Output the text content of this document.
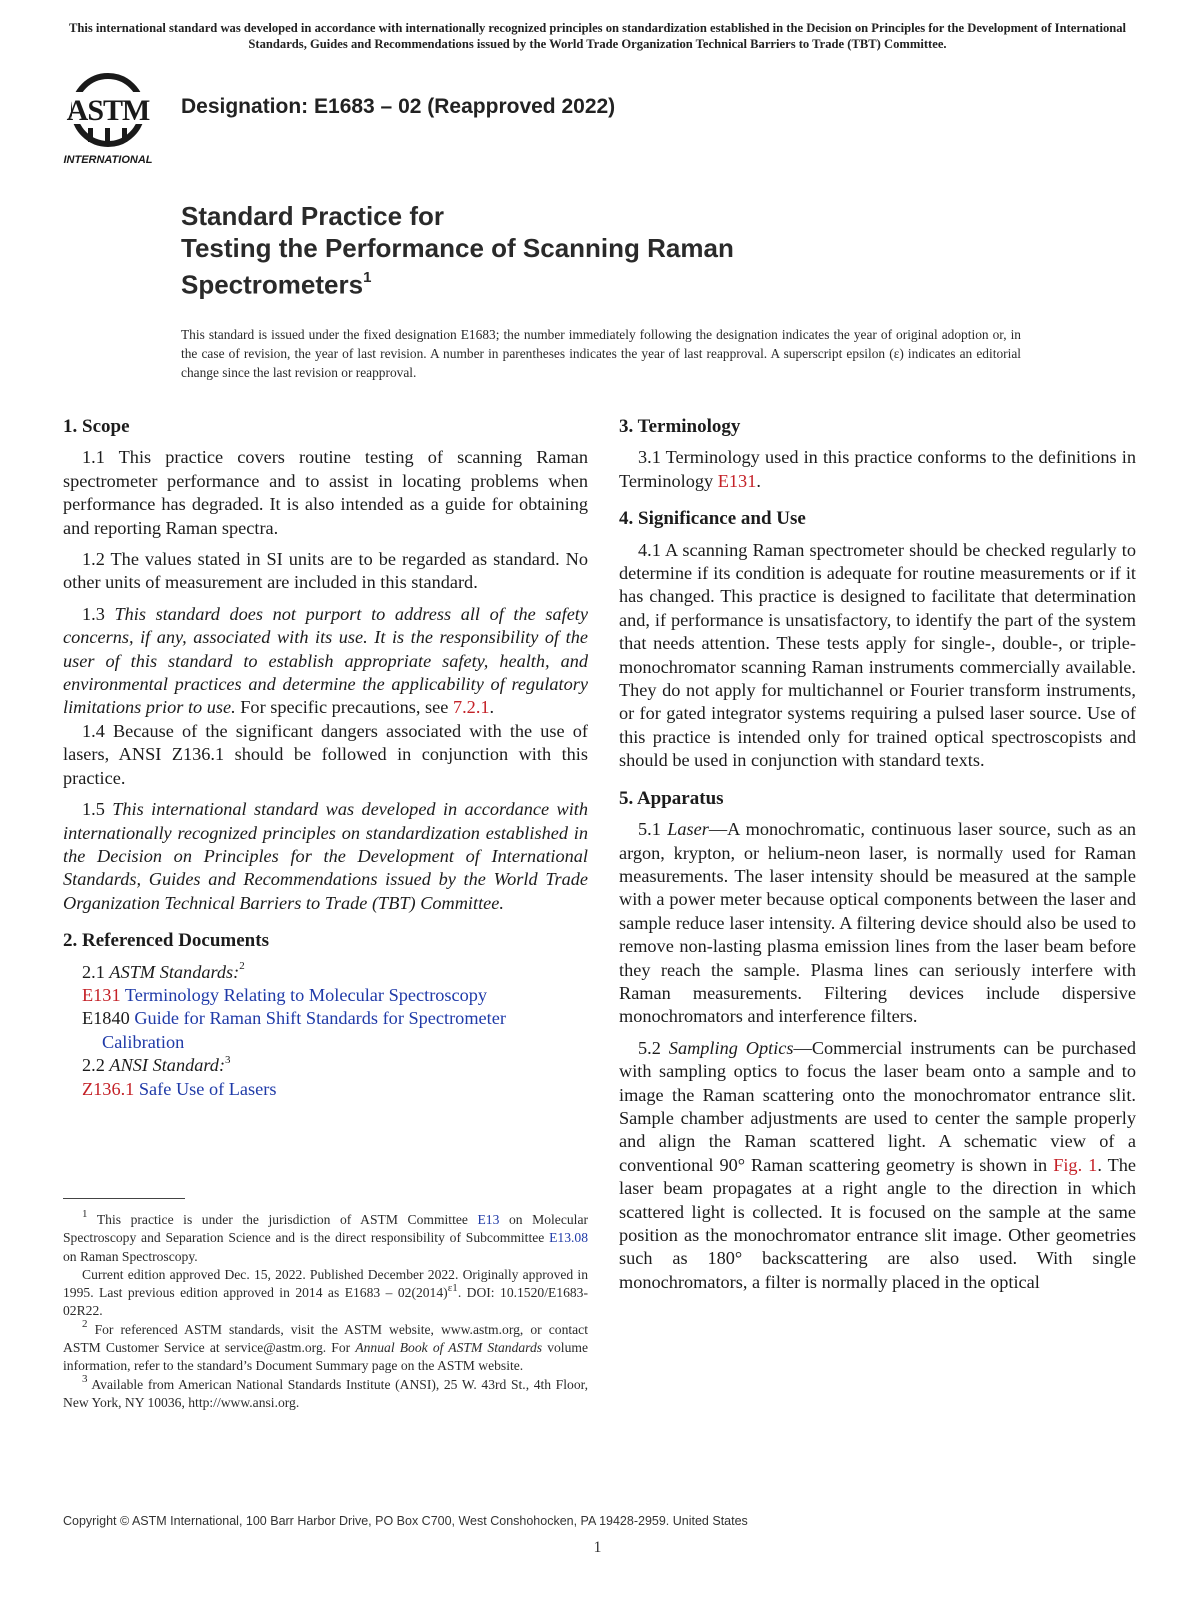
This international standard was developed in accordance with internationally recognized principles on standardization established in the Decision on Principles for the Development of International Standards, Guides and Recommendations issued by the World Trade Organization Technical Barriers to Trade (TBT) Committee.
ASTM
INTERNATIONAL
Designation: E1683 – 02 (Reapproved 2022)
Standard Practice for
Testing the Performance of Scanning Raman
Spectrometers$^1$
This standard is issued under the fixed designation E1683; the number immediately following the designation indicates the year of original adoption or, in the case of revision, the year of last revision. A number in parentheses indicates the year of last reapproval. A superscript epsilon (ε) indicates an editorial change since the last revision or reapproval.
1. Scope

1.1 This practice covers routine testing of scanning Raman spectrometer performance and to assist in locating problems when performance has degraded. It is also intended as a guide for obtaining and reporting Raman spectra.

1.2 The values stated in SI units are to be regarded as standard. No other units of measurement are included in this standard.

1.3 This standard does not purport to address all of the safety concerns, if any, associated with its use. It is the responsibility of the user of this standard to establish appropriate safety, health, and environmental practices and determine the applicability of regulatory limitations prior to use. For specific precautions, see 7.2.1.

1.4 Because of the significant dangers associated with the use of lasers, ANSI Z136.1 should be followed in conjunction with this practice.

1.5 This international standard was developed in accordance with internationally recognized principles on standardization established in the Decision on Principles for the Development of International Standards, Guides and Recommendations issued by the World Trade Organization Technical Barriers to Trade (TBT) Committee.

2. Referenced Documents
2.1 ASTM Standards:$^2$
E131 Terminology Relating to Molecular Spectroscopy
E1840 Guide for Raman Shift Standards for Spectrometer Calibration
2.2 ANSI Standard:$^3$
Z136.1 Safe Use of Lasers

$^1$ This practice is under the jurisdiction of ASTM Committee E13 on Molecular Spectroscopy and Separation Science and is the direct responsibility of Subcommittee E13.08 on Raman Spectroscopy.

Current edition approved Dec. 15, 2022. Published December 2022. Originally approved in 1995. Last previous edition approved in 2014 as E1683 – 02(2014)$^{\varepsilon 1}$. DOI: 10.1520/E1683-02R22.

$^2$ For referenced ASTM standards, visit the ASTM website, www.astm.org, or contact ASTM Customer Service at service@astm.org. For Annual Book of ASTM Standards volume information, refer to the standard’s Document Summary page on the ASTM website.

$^3$ Available from American National Standards Institute (ANSI), 25 W. 43rd St., 4th Floor, New York, NY 10036, http://www.ansi.org.

3. Terminology

3.1 Terminology used in this practice conforms to the definitions in Terminology E131.

4. Significance and Use

4.1 A scanning Raman spectrometer should be checked regularly to determine if its condition is adequate for routine measurements or if it has changed. This practice is designed to facilitate that determination and, if performance is unsatisfactory, to identify the part of the system that needs attention. These tests apply for single-, double-, or triple-monochromator scanning Raman instruments commercially available. They do not apply for multichannel or Fourier transform instruments, or for gated integrator systems requiring a pulsed laser source. Use of this practice is intended only for trained optical spectroscopists and should be used in conjunction with standard texts.

5. Apparatus

5.1 Laser—A monochromatic, continuous laser source, such as an argon, krypton, or helium-neon laser, is normally used for Raman measurements. The laser intensity should be measured at the sample with a power meter because optical components between the laser and sample reduce laser intensity. A filtering device should also be used to remove non-lasting plasma emission lines from the laser beam before they reach the sample. Plasma lines can seriously interfere with Raman measurements. Filtering devices include dispersive monochromators and interference filters.

5.2 Sampling Optics—Commercial instruments can be purchased with sampling optics to focus the laser beam onto a sample and to image the Raman scattering onto the monochromator entrance slit. Sample chamber adjustments are used to center the sample properly and align the Raman scattered light. A schematic view of a conventional 90° Raman scattering geometry is shown in Fig. 1. The laser beam propagates at a right angle to the direction in which scattered light is collected. It is focused on the sample at the same position as the monochromator entrance slit image. Other geometries such as 180° backscattering are also used. With single monochromators, a filter is normally placed in the optical

Copyright © ASTM International, 100 Barr Harbor Drive, PO Box C700, West Conshohocken, PA 19428-2959. United States
1
